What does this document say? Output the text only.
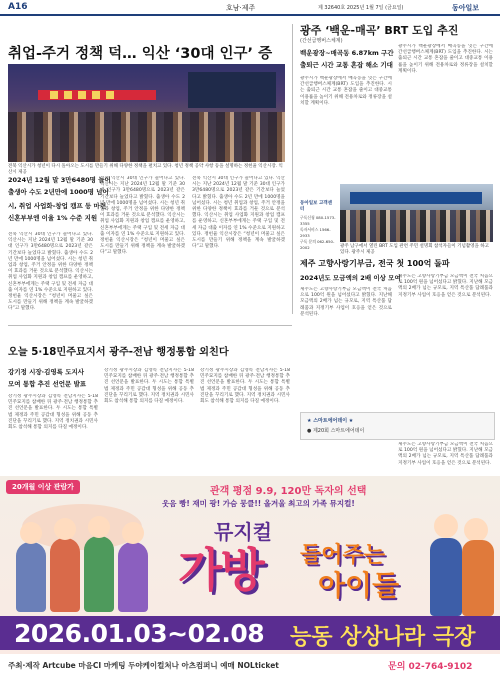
A16	호남·제주	제 32640호 2025년 1월 7일 (금요일)	동아일보
취업-주거 정책 덕… 익산 ‘30대 인구’ 증
전북 익산시가 청년이 다시 돌아오는 도시를 만들기 위해 다양한 정책을 펼치고 있다. 청년 정책 공약 사항 등을 설명하는 정헌율 익산시장. 익산시 제공
2024년 12월 말 3만6480명 늘어
출생아 수도 2년만에 1000명 넘어
시, 취업 사업화-창업 캠프 등 마련
신혼부부엔 이율 1% 수준 지원
전북 익산시 30대 인구가 늘어나고 있다. 익산시는 지난 2024년 12월 말 기준 30대 인구가 3만6480명으로 2023년 같은 기간보다 늘었다고 밝혔다. 출생아 수도 2년 만에 1000명을 넘어섰다. 시는 청년 취업과 창업, 주거 안정을 위한 다양한 정책이 효과를 거둔 것으로 분석했다. 익산시는 취업 사업화 지원과 창업 캠프를 운영하고, 신혼부부에게는 주택 구입 및 전세 자금 대출 이자를 연 1% 수준으로 지원하고 있다. 정헌율 익산시장은 “청년이 머물고 싶은 도시를 만들기 위해 정책을 계속 발굴하겠다”고 말했다.
전북 익산시 30대 인구가 늘어나고 있다. 익산시는 지난 2024년 12월 말 기준 30대 인구가 3만6480명으로 2023년 같은 기간보다 늘었다고 밝혔다. 출생아 수도 2년 만에 1000명을 넘어섰다. 시는 청년 취업과 창업, 주거 안정을 위한 다양한 정책이 효과를 거둔 것으로 분석했다. 익산시는 취업 사업화 지원과 창업 캠프를 운영하고, 신혼부부에게는 주택 구입 및 전세 자금 대출 이자를 연 1% 수준으로 지원하고 있다. 정헌율 익산시장은 “청년이 머물고 싶은 도시를 만들기 위해 정책을 계속 발굴하겠다”고 말했다.
전북 익산시 30대 인구가 늘어나고 있다. 익산시는 지난 2024년 12월 말 기준 30대 인구가 3만6480명으로 2023년 같은 기간보다 늘었다고 밝혔다. 출생아 수도 2년 만에 1000명을 넘어섰다. 시는 청년 취업과 창업, 주거 안정을 위한 다양한 정책이 효과를 거둔 것으로 분석했다. 익산시는 취업 사업화 지원과 창업 캠프를 운영하고, 신혼부부에게는 주택 구입 및 전세 자금 대출 이자를 연 1% 수준으로 지원하고 있다. 정헌율 익산시장은 “청년이 머물고 싶은 도시를 만들기 위해 정책을 계속 발굴하겠다”고 말했다.
광주 ‘백운-매곡’ BRT 도입 추진
(간선급행버스체계)
백운광장~매곡동 6.87km 구간
출퇴근 시간 교통 혼잡 해소 기대
광주시가 백운광장에서 매곡동을 잇는 구간에 간선급행버스체계(BRT) 도입을 추진한다. 시는 출퇴근 시간 교통 혼잡을 줄이고 대중교통 이용률을 높이기 위해 전용차로와 정류장을 설치할 계획이다.
광주시가 백운광장에서 매곡동을 잇는 구간에 간선급행버스체계(BRT) 도입을 추진한다. 시는 출퇴근 시간 교통 혼잡을 줄이고 대중교통 이용률을 높이기 위해 전용차로와 정류장을 설치할 계획이다.
광주 남구에서 열린 BRT 도입 관련 주민 설명회 참석자들이 기념촬영을 하고 있다. 광주시 제공
동아일보 고객센터
구독신청 080-1573-3355
독자서비스 1566-2933
구독 문의 062-650-2002
제주 고향사랑기부금, 전국 첫 100억 돌파
2024년도 모금액의 2배 이상 모여
제주도는 고향사랑기부금 모금액이 전국 처음으로 100억 원을 넘어섰다고 밝혔다. 지난해 모금액의 2배가 넘는 규모로, 지역 특산품 답례품과 지정기부 사업이 호응을 얻은 것으로 분석된다.
제주도는 고향사랑기부금 모금액이 전국 처음으로 100억 원을 넘어섰다고 밝혔다. 지난해 모금액의 2배가 넘는 규모로, 지역 특산품 답례품과 지정기부 사업이 호응을 얻은 것으로 분석된다.
★ 스마트에어데이 ★
● 제20회 스마트에어데이
제주도는 고향사랑기부금 모금액이 전국 처음으로 100억 원을 넘어섰다고 밝혔다. 지난해 모금액의 2배가 넘는 규모로, 지역 특산품 답례품과 지정기부 사업이 호응을 얻은 것으로 분석된다.
오늘 5·18민주묘지서 광주-전남 행정통합 외친다
강기정 시장·김영록 도지사
모여 통합 추진 선언문 발표
강기정 광주시장과 김영록 전남지사는 5·18민주묘지를 참배한 뒤 광주·전남 행정통합 추진 선언문을 발표한다. 두 시도는 통합 특별법 제정과 주민 공감대 형성을 위해 공동 추진단을 꾸리기로 했다. 지역 정치권과 시민사회도 참석해 통합 의지를 다질 예정이다.
강기정 광주시장과 김영록 전남지사는 5·18민주묘지를 참배한 뒤 광주·전남 행정통합 추진 선언문을 발표한다. 두 시도는 통합 특별법 제정과 주민 공감대 형성을 위해 공동 추진단을 꾸리기로 했다. 지역 정치권과 시민사회도 참석해 통합 의지를 다질 예정이다.
강기정 광주시장과 김영록 전남지사는 5·18민주묘지를 참배한 뒤 광주·전남 행정통합 추진 선언문을 발표한다. 두 시도는 통합 특별법 제정과 주민 공감대 형성을 위해 공동 추진단을 꾸리기로 했다. 지역 정치권과 시민사회도 참석해 통합 의지를 다질 예정이다.
20개월 이상 관람가	관객 평점 9.9, 120만 독자의 선택
웃음 빵! 재미 팡! 가슴 뭉클!! 올겨울 최고의 가족 뮤지컬!
뮤지컬
가방 들어주는
아이들
2026.01.03~02.08 능동 상상나라 극장
주최·제작 Artcube 마음CI 마케팅 두야케이컬처나 아츠컴퍼니 예매 NOLticket	문의 02-764-9102
